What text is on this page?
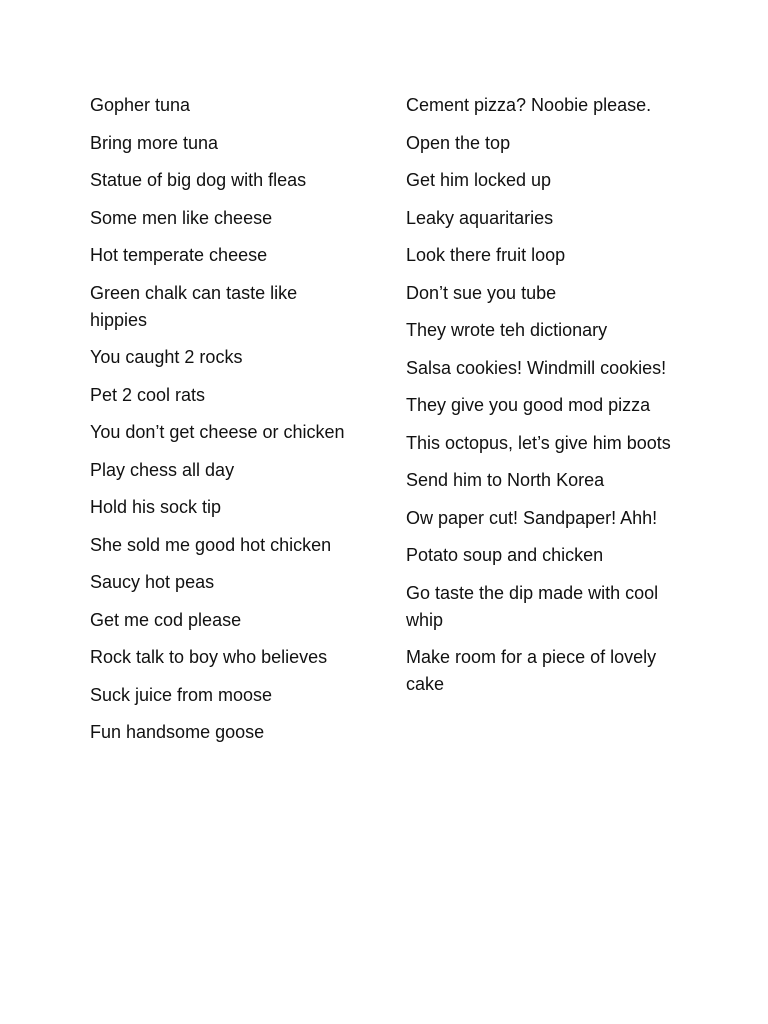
Gopher tuna
Bring more tuna
Statue of big dog with fleas
Some men like cheese
Hot temperate cheese
Green chalk can taste like hippies
You caught 2 rocks
Pet 2 cool rats
You don’t get cheese or chicken
Play chess all day
Hold his sock tip
She sold me good hot chicken
Saucy hot peas
Get me cod please
Rock talk to boy who believes
Suck juice from moose
Fun handsome goose
Cement pizza? Noobie please.
Open the top
Get him locked up
Leaky aquaritaries
Look there fruit loop
Don’t sue you tube
They wrote teh dictionary
Salsa cookies! Windmill cookies!
They give you good mod pizza
This octopus, let’s give him boots
Send him to North Korea
Ow paper cut! Sandpaper! Ahh!
Potato soup and chicken
Go taste the dip made with cool whip
Make room for a piece of lovely cake
